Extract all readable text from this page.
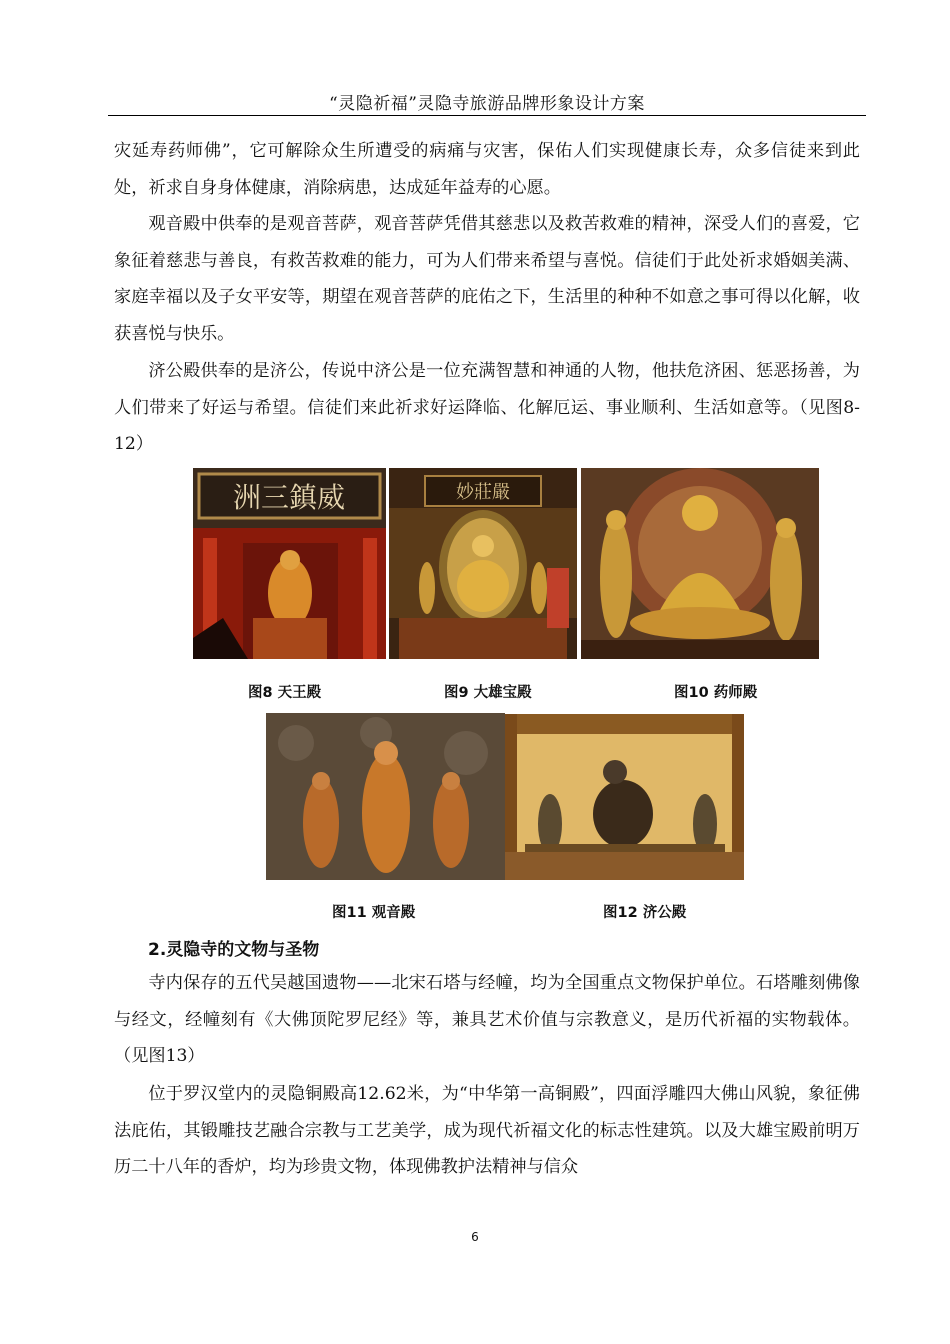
“灵隐祈福”灵隐寺旅游品牌形象设计方案

灾延寿药师佛”，它可解除众生所遭受的病痛与灾害，保佑人们实现健康长寿，众多信徒来到此处，祈求自身身体健康，消除病患，达成延年益寿的心愿。

观音殿中供奉的是观音菩萨，观音菩萨凭借其慈悲以及救苦救难的精神，深受人们的喜爱，它象征着慈悲与善良，有救苦救难的能力，可为人们带来希望与喜悦。信徒们于此处祈求婚姻美满、家庭幸福以及子女平安等，期望在观音菩萨的庇佑之下，生活里的种种不如意之事可得以化解，收获喜悦与快乐。

济公殿供奉的是济公，传说中济公是一位充满智慧和神通的人物，他扶危济困、惩恶扬善，为人们带来了好运与希望。信徒们来此祈求好运降临、化解厄运、事业顺利、生活如意等。（见图8-12）

洲三鎮威	妙莊嚴
图8 天王殿	图9 大雄宝殿	图10 药师殿
图11 观音殿	图12 济公殿
2.灵隐寺的文物与圣物

寺内保存的五代吴越国遗物——北宋石塔与经幢，均为全国重点文物保护单位。石塔雕刻佛像与经文，经幢刻有《大佛顶陀罗尼经》等，兼具艺术价值与宗教意义，是历代祈福的实物载体。（见图13）

位于罗汉堂内的灵隐铜殿高12.62米，为“中华第一高铜殿”，四面浮雕四大佛山风貌，象征佛法庇佑，其锻雕技艺融合宗教与工艺美学，成为现代祈福文化的标志性建筑。以及大雄宝殿前明万历二十八年的香炉，均为珍贵文物，体现佛教护法精神与信众

6
